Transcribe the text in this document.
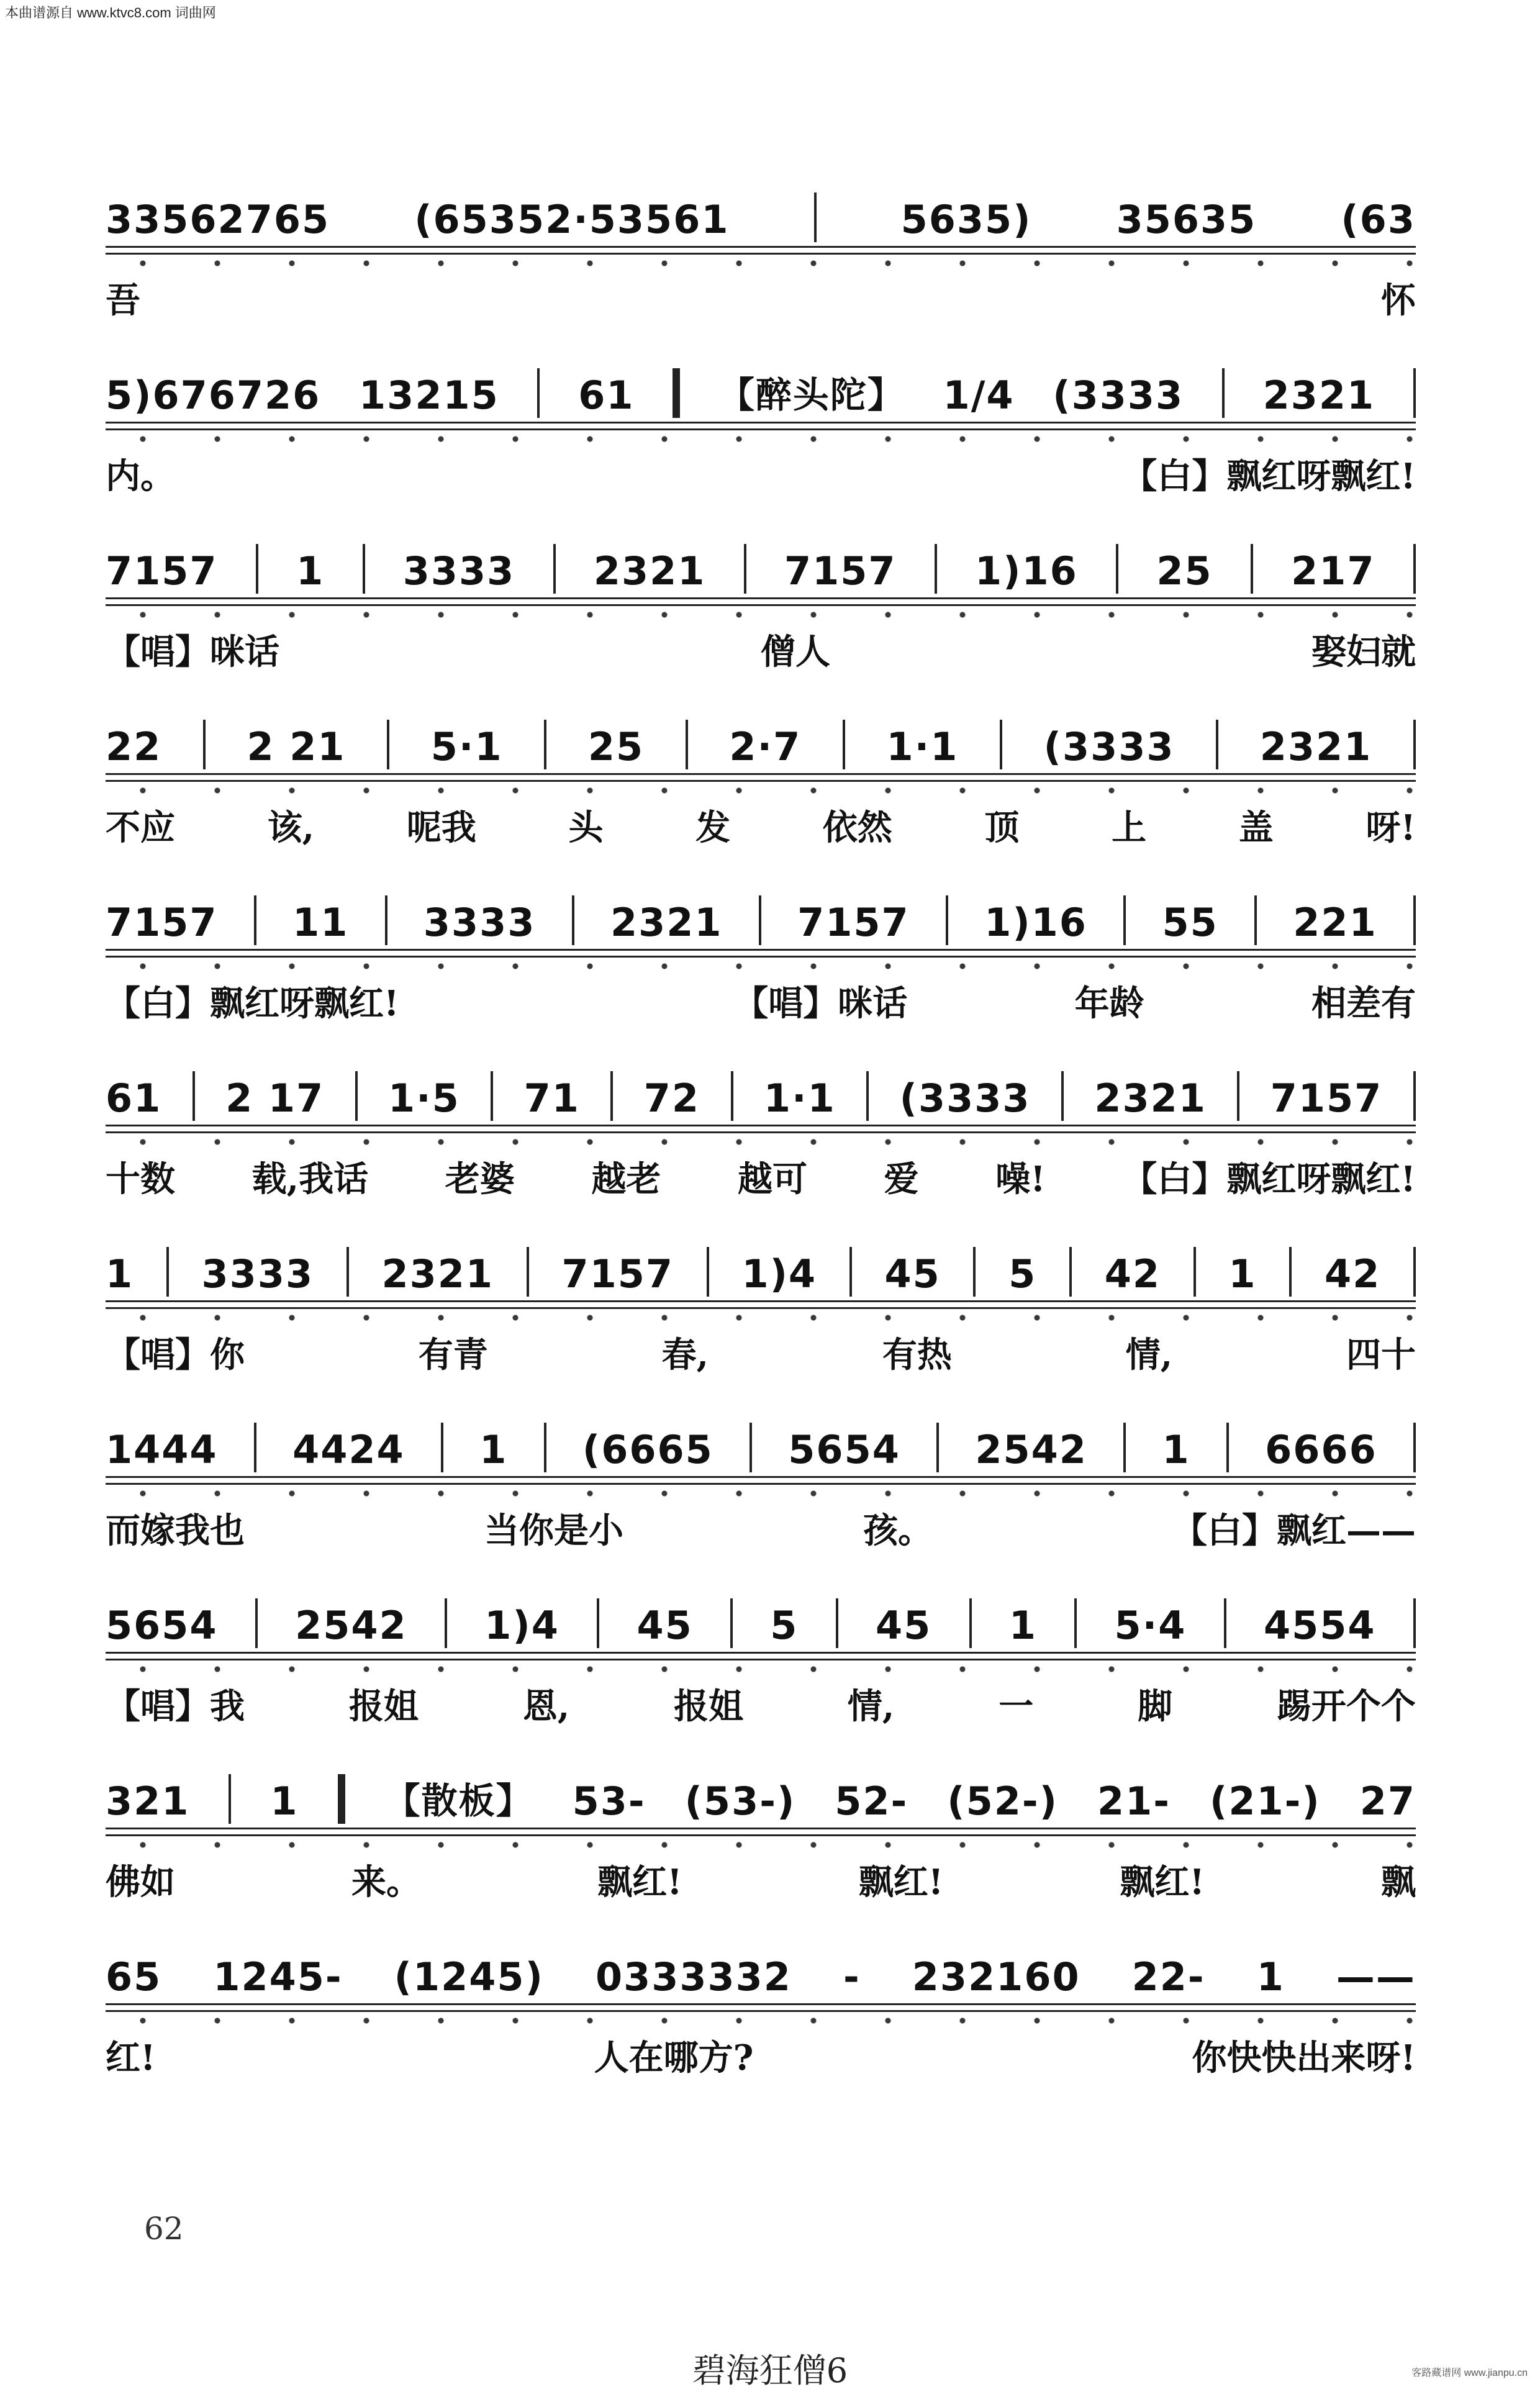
本曲谱源自 www.ktvc8.com 词曲网
33562765 (65352·53561	5635) 35635 (63
吾	怀
5)676726 13215 61 【醉头陀】 1/4 (3333 2321
内。	【白】飘红呀飘红!
7157 1 3333 2321 7157 1)16 25 217
【唱】咪话	僧人	娶妇就
22 2 21 5·1 25 2·7 1·1 (3333 2321
不应	该,	呢我	头	发	依然	顶	上	盖	呀!
7157 11 3333 2321 7157 1)16 55 221
【白】飘红呀飘红!	【唱】咪话	年龄	相差有
61 2 17 1·5 71 72 1·1 (3333 2321 7157
十数 载,我话 老婆 越老 越可 爱 噪! 【白】飘红呀飘红!
1 3333 2321 7157 1)4 45 5 42 1 42
【唱】你	有青	春,	有热	情,	四十
1444 4424 1 (6665 5654 2542 1 6666
而嫁我也	当你是小	孩。	【白】飘红——
5654 2542 1)4 45 5 45 1 5·4 4554
【唱】我	报姐	恩,	报姐	情,	一	脚	踢开个个
321 1 【散板】 53- (53-) 52- (52-) 21- (21-) 27
佛如	来。	飘红!	飘红!	飘红!	飘
65 1245- (1245) 0333332 - 232160 22- 1 ——
红!	人在哪方?	你快快出来呀!
62
碧海狂僧6	客路藏谱网 www.jianpu.cn
